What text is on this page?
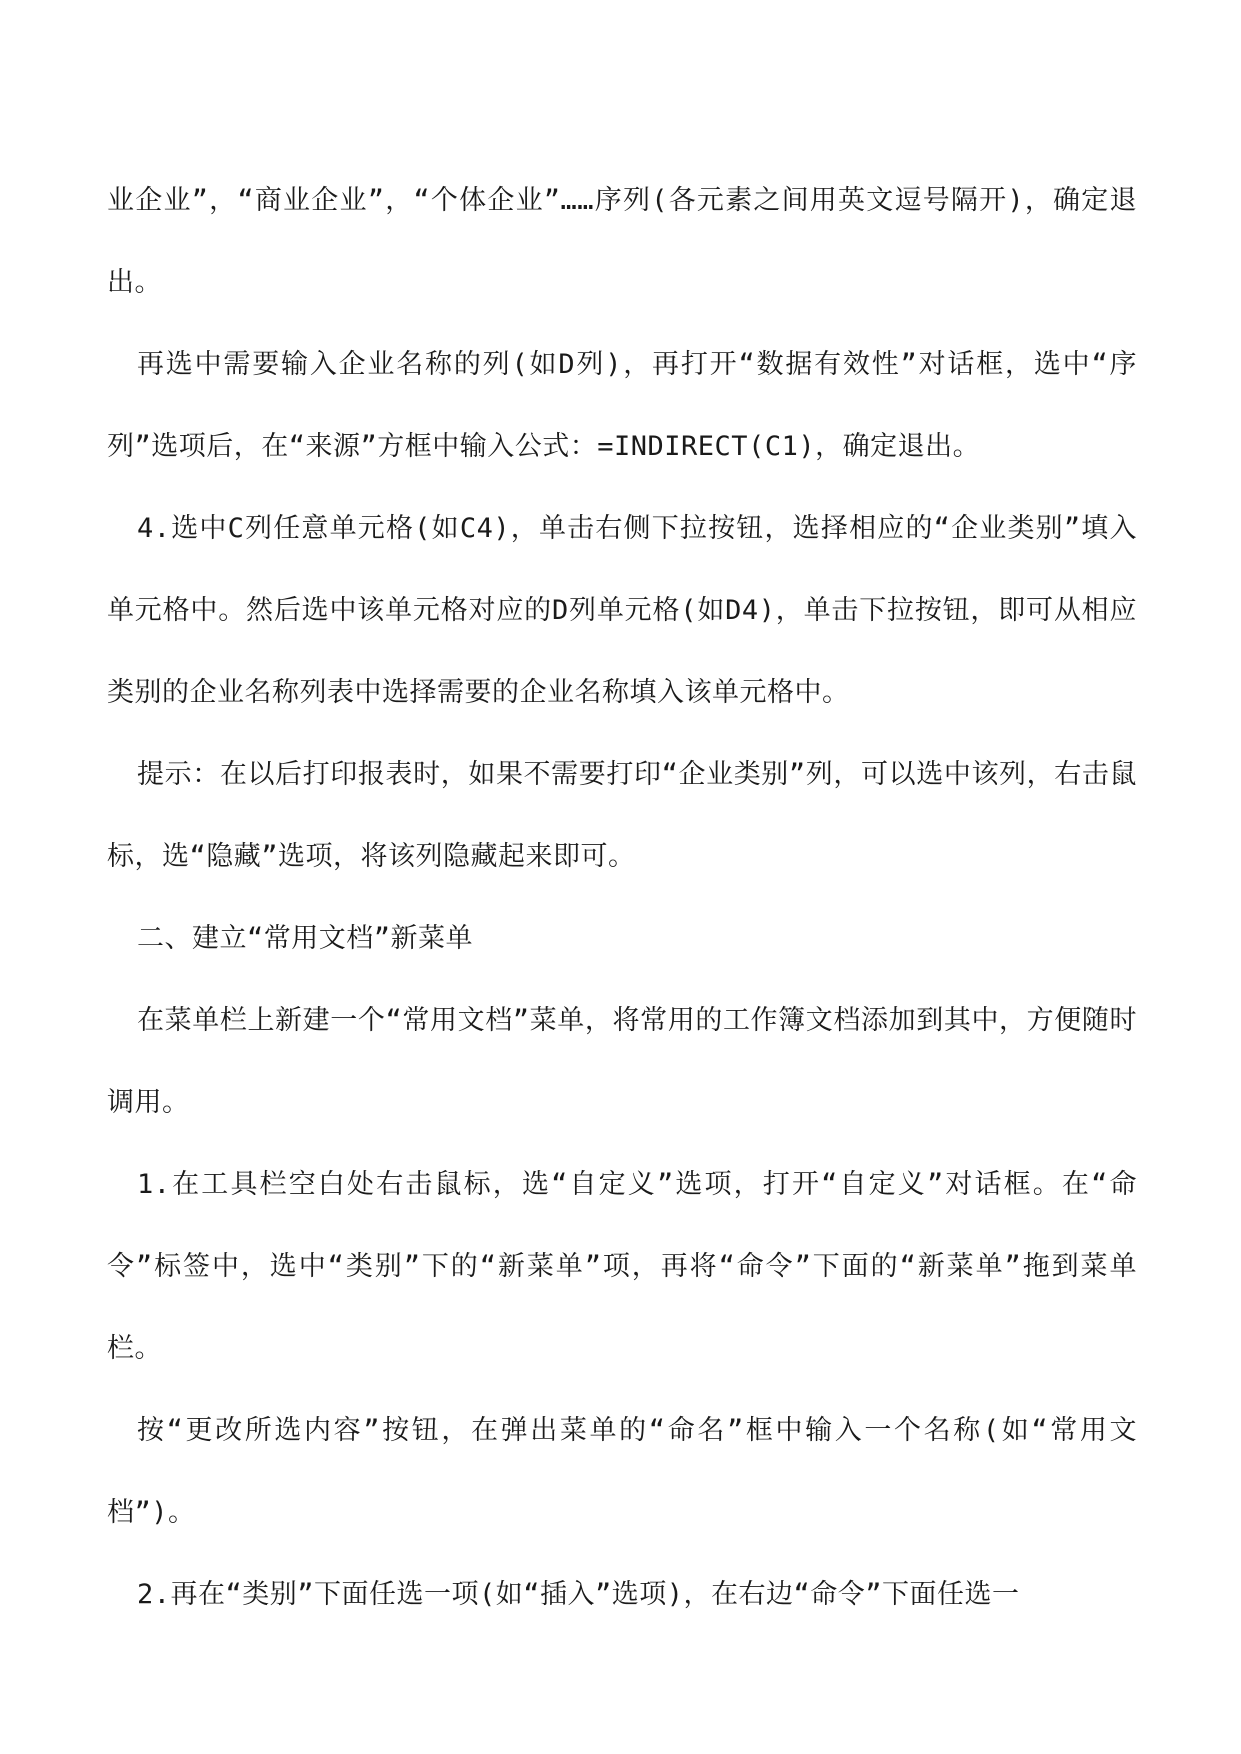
业企业”，“商业企业”，“个体企业”……序列(各元素之间用英文逗号隔开)，确定退出。

再选中需要输入企业名称的列(如D列)，再打开“数据有效性”对话框，选中“序列”选项后，在“来源”方框中输入公式：=INDIRECT(C1)，确定退出。

4.选中C列任意单元格(如C4)，单击右侧下拉按钮，选择相应的“企业类别”填入单元格中。然后选中该单元格对应的D列单元格(如D4)，单击下拉按钮，即可从相应类别的企业名称列表中选择需要的企业名称填入该单元格中。

提示：在以后打印报表时，如果不需要打印“企业类别”列，可以选中该列，右击鼠标，选“隐藏”选项，将该列隐藏起来即可。

二、建立“常用文档”新菜单

在菜单栏上新建一个“常用文档”菜单，将常用的工作簿文档添加到其中，方便随时调用。

1.在工具栏空白处右击鼠标，选“自定义”选项，打开“自定义”对话框。在“命令”标签中，选中“类别”下的“新菜单”项，再将“命令”下面的“新菜单”拖到菜单栏。

按“更改所选内容”按钮，在弹出菜单的“命名”框中输入一个名称(如“常用文档”)。

2.再在“类别”下面任选一项(如“插入”选项)，在右边“命令”下面任选一
